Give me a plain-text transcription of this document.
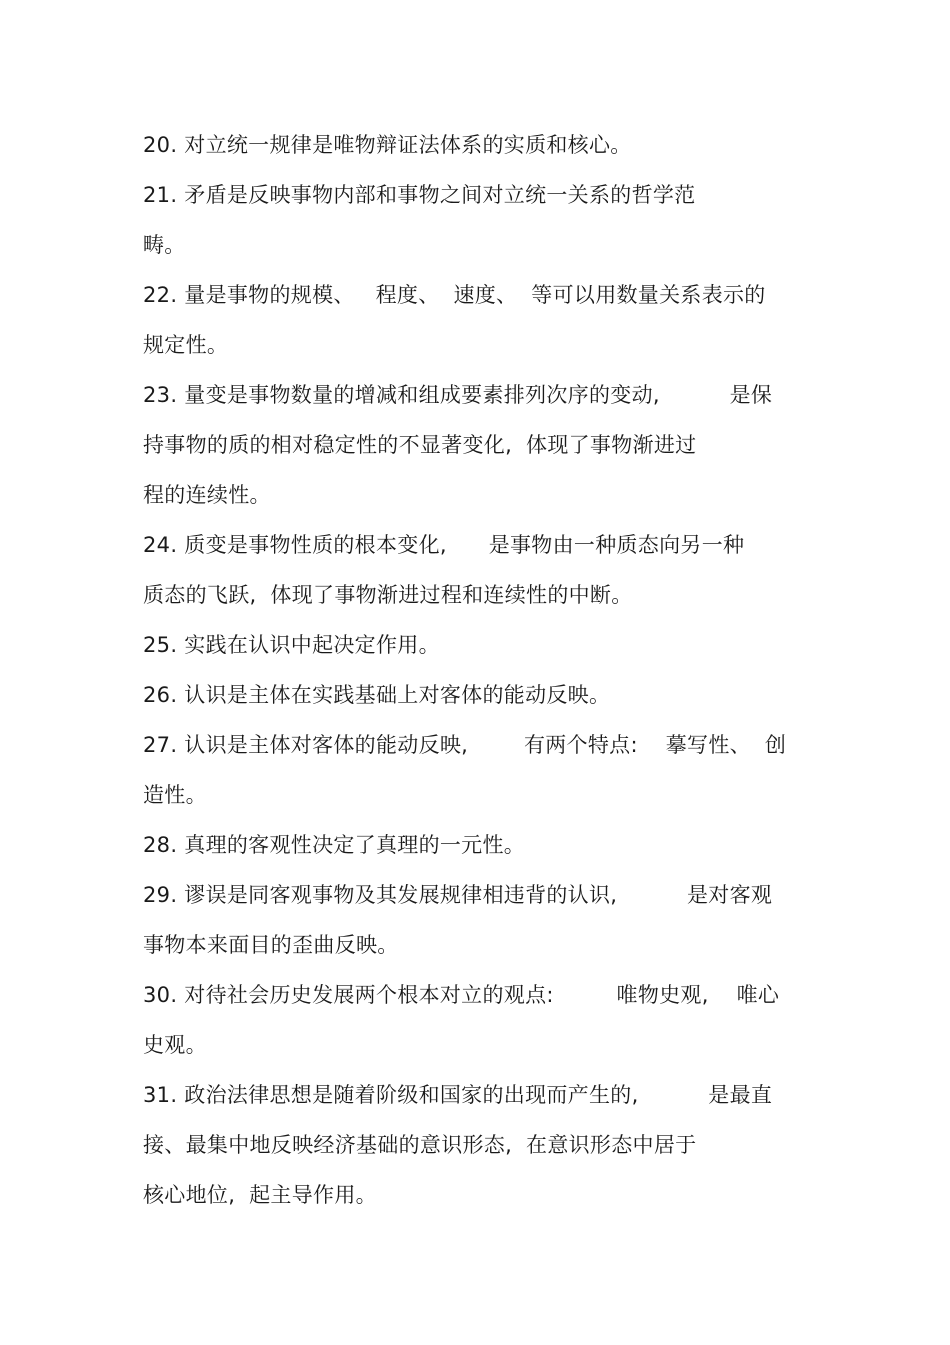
20. 对立统一规律是唯物辩证法体系的实质和核心。
21. 矛盾是反映事物内部和事物之间对立统一关系的哲学范
畴。
22. 量是事物的规模、   程度、  速度、  等可以用数量关系表示的
规定性。
23. 量变是事物数量的增减和组成要素排列次序的变动,          是保
持事物的质的相对稳定性的不显著变化,  体现了事物渐进过
程的连续性。
24. 质变是事物性质的根本变化,      是事物由一种质态向另一种
质态的飞跃,  体现了事物渐进过程和连续性的中断。
25. 实践在认识中起决定作用。
26. 认识是主体在实践基础上对客体的能动反映。
27. 认识是主体对客体的能动反映,        有两个特点:    摹写性、  创
造性。
28. 真理的客观性决定了真理的一元性。
29. 谬误是同客观事物及其发展规律相违背的认识,          是对客观
事物本来面目的歪曲反映。
30. 对待社会历史发展两个根本对立的观点:         唯物史观,    唯心
史观。
31. 政治法律思想是随着阶级和国家的出现而产生的,          是最直
接、最集中地反映经济基础的意识形态,  在意识形态中居于
核心地位,  起主导作用。
